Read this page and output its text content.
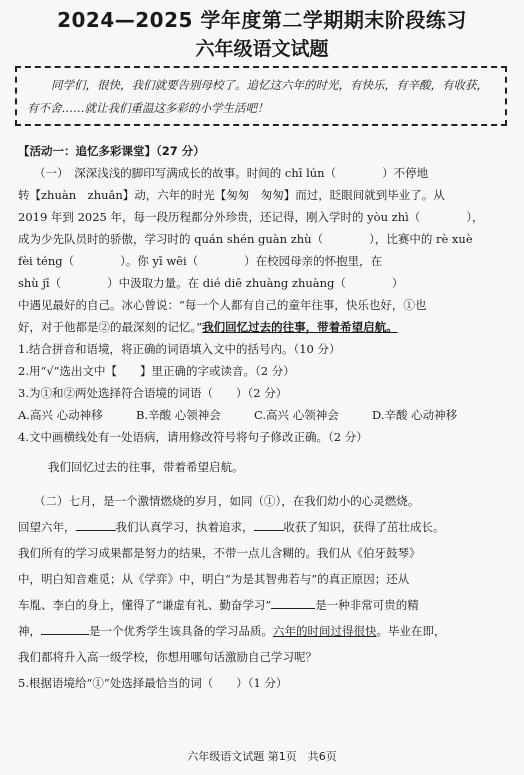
2024—2025 学年度第二学期期末阶段练习
六年级语文试题

同学们，很快，我们就要告别母校了。追忆这六年的时光，有快乐，有辛酸，有收获，有不舍……就让我们重温这多彩的小学生活吧！

【活动一：追忆多彩课堂】（27 分）
（一）　深深浅浅的脚印写满成长的故事。时间的 chī lún（　　　　）不停地
转【zhuàn　zhuǎn】动，六年的时光【匆匆　匆匆】而过，眨眼间就到毕业了。从
2019 年到 2025 年，每一段历程都分外珍贵，还记得，刚入学时的 yòu zhì（　　　　），
成为少先队员时的骄傲，学习时的 quán shén guàn zhù（　　　　），比赛中的 rè xuè
fèi téng（　　　　）。你 yī wēi（　　　　）在校园母亲的怀抱里，在
shù jī（　　　　）中汲取力量。在 dié diē zhuàng zhuàng（　　　　）
中遇见最好的自己。冰心曾说：“每一个人都有自己的童年往事，快乐也好，①也
好，对于他都是②的最深刻的记忆。”我们回忆过去的往事，带着希望启航。
1.结合拼音和语境，将正确的词语填入文中的括号内。（10 分）
2.用“√”选出文中【　　】里正确的字或读音。（2 分）
3.为①和②两处选择符合语境的词语（　　）（2 分）
A.高兴 心动神移	B.辛酸 心领神会	C.高兴 心领神会	D.辛酸 心动神移
4.文中画横线处有一处语病，请用修改符号将句子修改正确。（2 分）
我们回忆过去的往事，带着希望启航。
（二）七月，是一个激情燃烧的岁月，如同（①），在我们幼小的心灵燃烧。
回望六年，	我们认真学习，执着追求，	收获了知识，获得了茁壮成长。
我们所有的学习成果都是努力的结果，不带一点儿含糊的。我们从《伯牙鼓琴》
中，明白知音难觅；从《学弈》中，明白“为是其智弗若与”的真正原因；还从
车胤、李白的身上，懂得了“谦虚有礼、勤奋学习”	是一种非常可贵的精
神，	是一个优秀学生该具备的学习品质。六年的时间过得很快。毕业在即，
我们都将升入高一级学校，你想用哪句话激励自己学习呢？
5.根据语境给“①”处选择最恰当的词（　　）（1 分）
六年级语文试题 第1页　共6页
